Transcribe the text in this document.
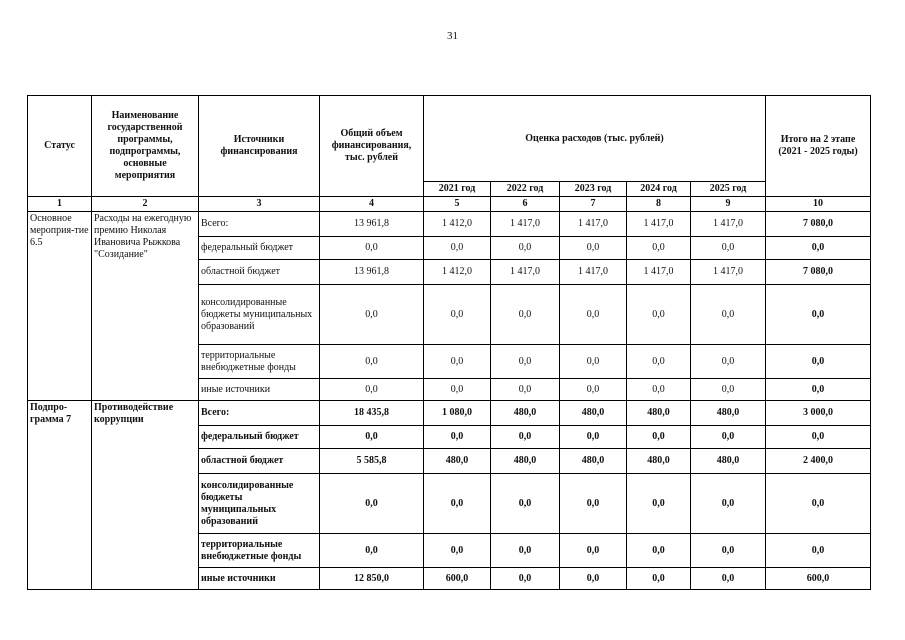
31
Статус	Наименование государственной программы, подпрограммы, основные мероприятия	Источники финансирования	Общий объем финансирования, тыс. рублей	Оценка расходов (тыс. рублей)					Итого на 2 этапе (2021 - 2025 годы)
				2021 год	2022 год	2023 год	2024 год	2025 год	
1	2	3	4	5	6	7	8	9	10
Основное мероприя-тие 6.5	Расходы на ежегодную премию Николая Ивановича Рыжкова "Созидание"	Всего:	13 961,8	1 412,0	1 417,0	1 417,0	1 417,0	1 417,0	7 080,0
		федеральный бюджет	0,0	0,0	0,0	0,0	0,0	0,0	0,0
		областной бюджет	13 961,8	1 412,0	1 417,0	1 417,0	1 417,0	1 417,0	7 080,0
		консолидированные бюджеты муниципальных образований	0,0	0,0	0,0	0,0	0,0	0,0	0,0
		территориальные внебюджетные фонды	0,0	0,0	0,0	0,0	0,0	0,0	0,0
		иные источники	0,0	0,0	0,0	0,0	0,0	0,0	0,0
Подпро-грамма 7	Противодействие коррупции	Всего:	18 435,8	1 080,0	480,0	480,0	480,0	480,0	3 000,0
		федеральный бюджет	0,0	0,0	0,0	0,0	0,0	0,0	0,0
		областной бюджет	5 585,8	480,0	480,0	480,0	480,0	480,0	2 400,0
		консолидированные бюджеты муниципальных образований	0,0	0,0	0,0	0,0	0,0	0,0	0,0
		территориальные внебюджетные фонды	0,0	0,0	0,0	0,0	0,0	0,0	0,0
		иные источники	12 850,0	600,0	0,0	0,0	0,0	0,0	600,0
